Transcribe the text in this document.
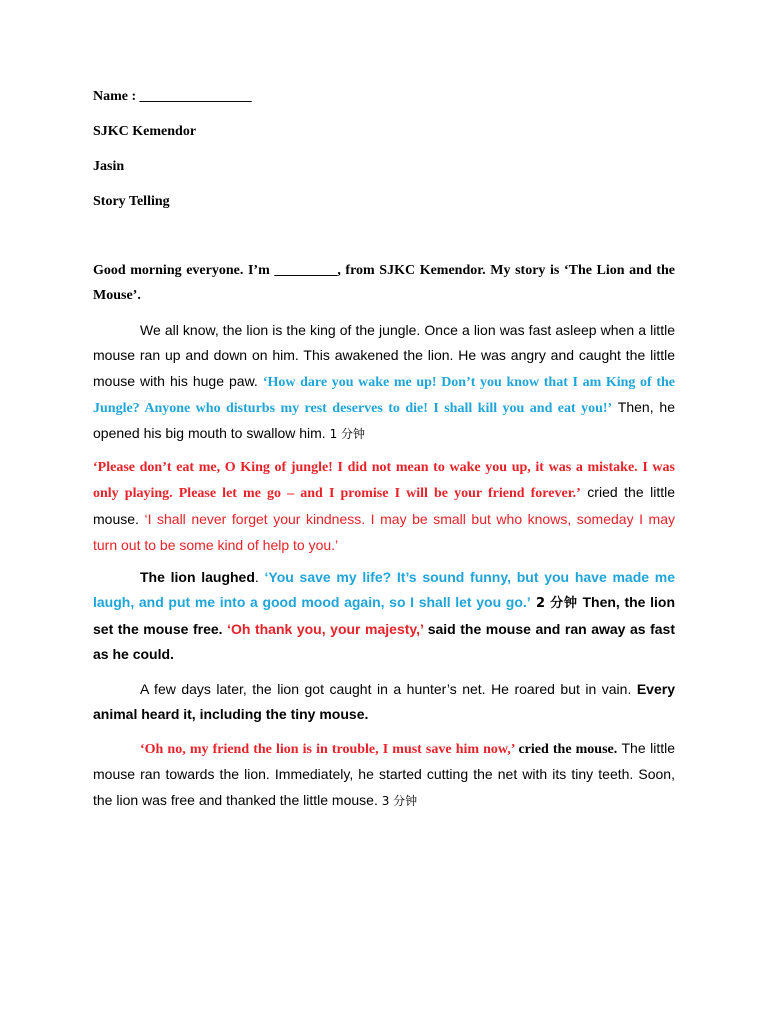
Name : ________________

SJKC Kemendor

Jasin

Story Telling

Good morning everyone. I’m _________, from SJKC Kemendor. My story is ‘The Lion and the Mouse’.

We all know, the lion is the king of the jungle. Once a lion was fast asleep when a little mouse ran up and down on him. This awakened the lion. He was angry and caught the little mouse with his huge paw. ‘How dare you wake me up! Don’t you know that I am King of the Jungle? Anyone who disturbs my rest deserves to die! I shall kill you and eat you!’ Then, he opened his big mouth to swallow him. 1 分钟

‘Please don’t eat me, O King of jungle! I did not mean to wake you up, it was a mistake. I was only playing. Please let me go – and I promise I will be your friend forever.’ cried the little mouse. ‘I shall never forget your kindness. I may be small but who knows, someday I may turn out to be some kind of help to you.’

The lion laughed. ‘You save my life? It’s sound funny, but you have made me laugh, and put me into a good mood again, so I shall let you go.’ 2 分钟 Then, the lion set the mouse free. ‘Oh thank you, your majesty,’ said the mouse and ran away as fast as he could.

A few days later, the lion got caught in a hunter’s net. He roared but in vain. Every animal heard it, including the tiny mouse.

‘Oh no, my friend the lion is in trouble, I must save him now,’ cried the mouse. The little mouse ran towards the lion. Immediately, he started cutting the net with its tiny teeth. Soon, the lion was free and thanked the little mouse. 3 分钟
